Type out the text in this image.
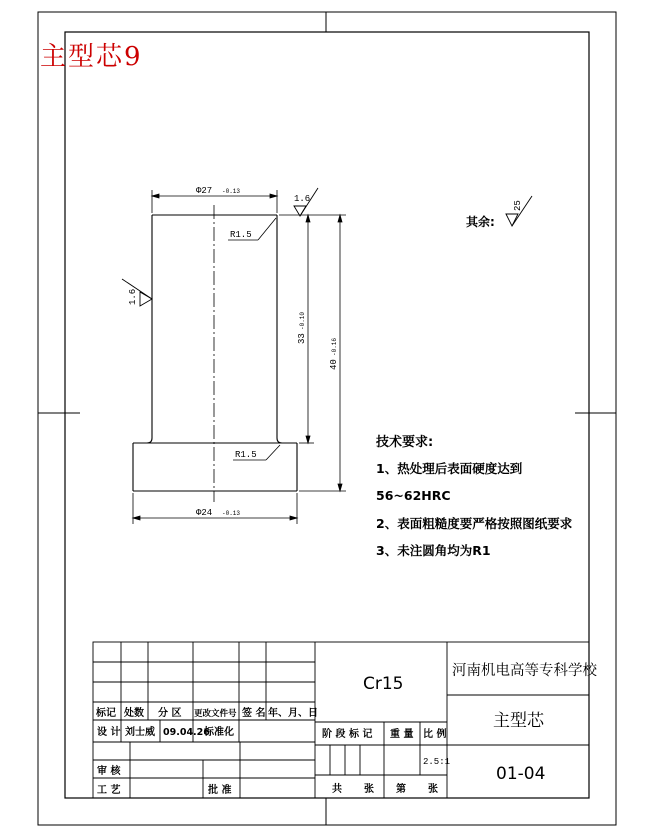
主型芯9
Φ27 -0.13
1.6
R1.5
1.6
33
-0.10
40
-0.16
R1.5
Φ24 -0.13
其余:
25
技术要求:
1、热处理后表面硬度达到
56~62HRC
2、表面粗糙度要严格按照图纸要求
3、未注圆角均为R1
标记 处数 分 区 更改文件号 签 名 年、月、日
设 计 刘士威 09.04.26
标准化
审 核
工 艺	批 准
Cr15
阶 段 标 记 重 量 比 例
2.5:1
共 张 第 张
河南机电高等专科学校
主型芯
01-04
